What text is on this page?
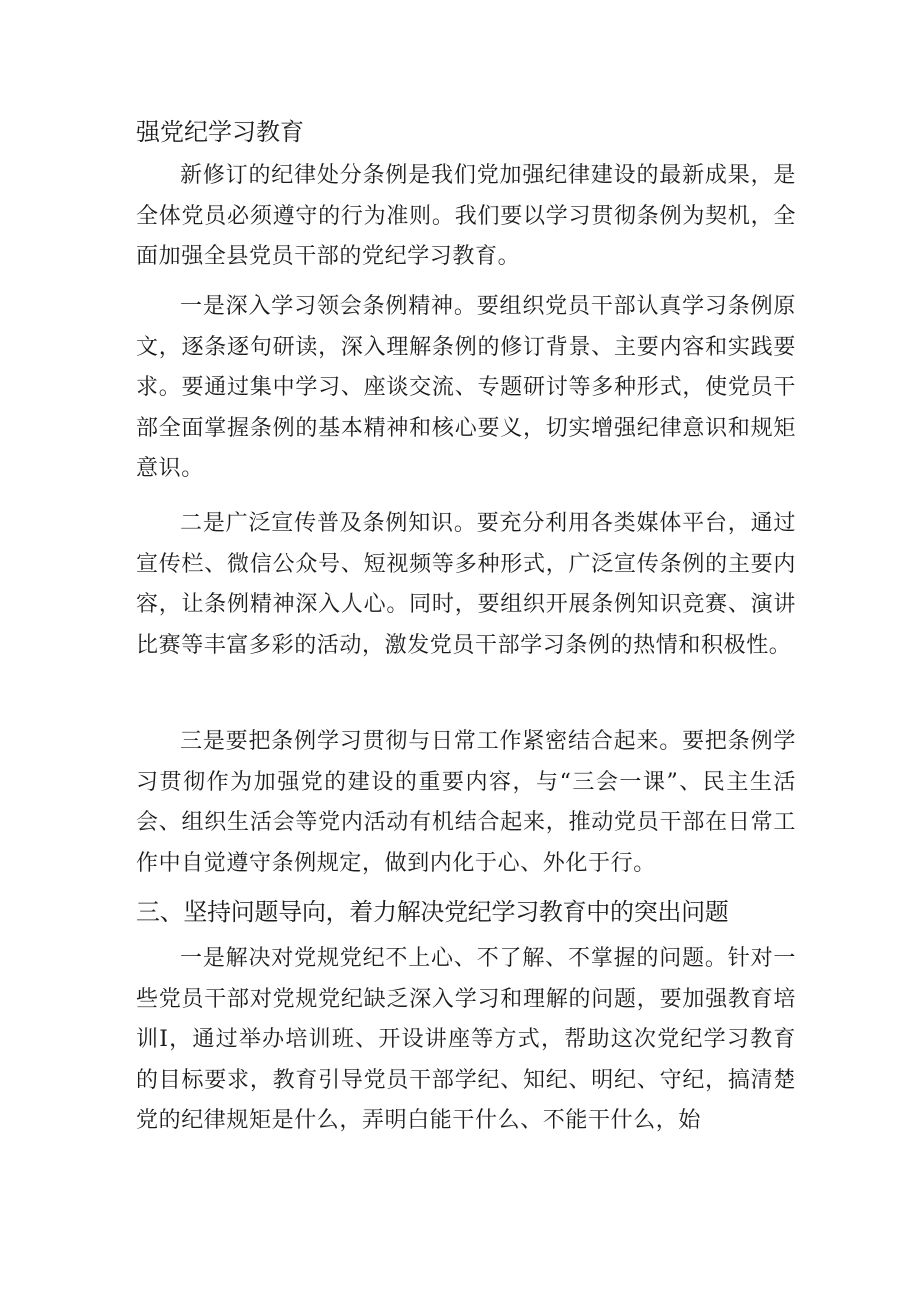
强党纪学习教育

新修订的纪律处分条例是我们党加强纪律建设的最新成果，是全体党员必须遵守的行为准则。我们要以学习贯彻条例为契机，全面加强全县党员干部的党纪学习教育。

一是深入学习领会条例精神。要组织党员干部认真学习条例原文，逐条逐句研读，深入理解条例的修订背景、主要内容和实践要求。要通过集中学习、座谈交流、专题研讨等多种形式，使党员干部全面掌握条例的基本精神和核心要义，切实增强纪律意识和规矩意识。

二是广泛宣传普及条例知识。要充分利用各类媒体平台，通过宣传栏、微信公众号、短视频等多种形式，广泛宣传条例的主要内容，让条例精神深入人心。同时，要组织开展条例知识竞赛、演讲比赛等丰富多彩的活动，激发党员干部学习条例的热情和积极性。

三是要把条例学习贯彻与日常工作紧密结合起来。要把条例学习贯彻作为加强党的建设的重要内容，与“三会一课”、民主生活会、组织生活会等党内活动有机结合起来，推动党员干部在日常工作中自觉遵守条例规定，做到内化于心、外化于行。

三、坚持问题导向，着力解决党纪学习教育中的突出问题

一是解决对党规党纪不上心、不了解、不掌握的问题。针对一些党员干部对党规党纪缺乏深入学习和理解的问题，要加强教育培训I，通过举办培训班、开设讲座等方式，帮助这次党纪学习教育的目标要求，教育引导党员干部学纪、知纪、明纪、守纪，搞清楚党的纪律规矩是什么，弄明白能干什么、不能干什么，始
